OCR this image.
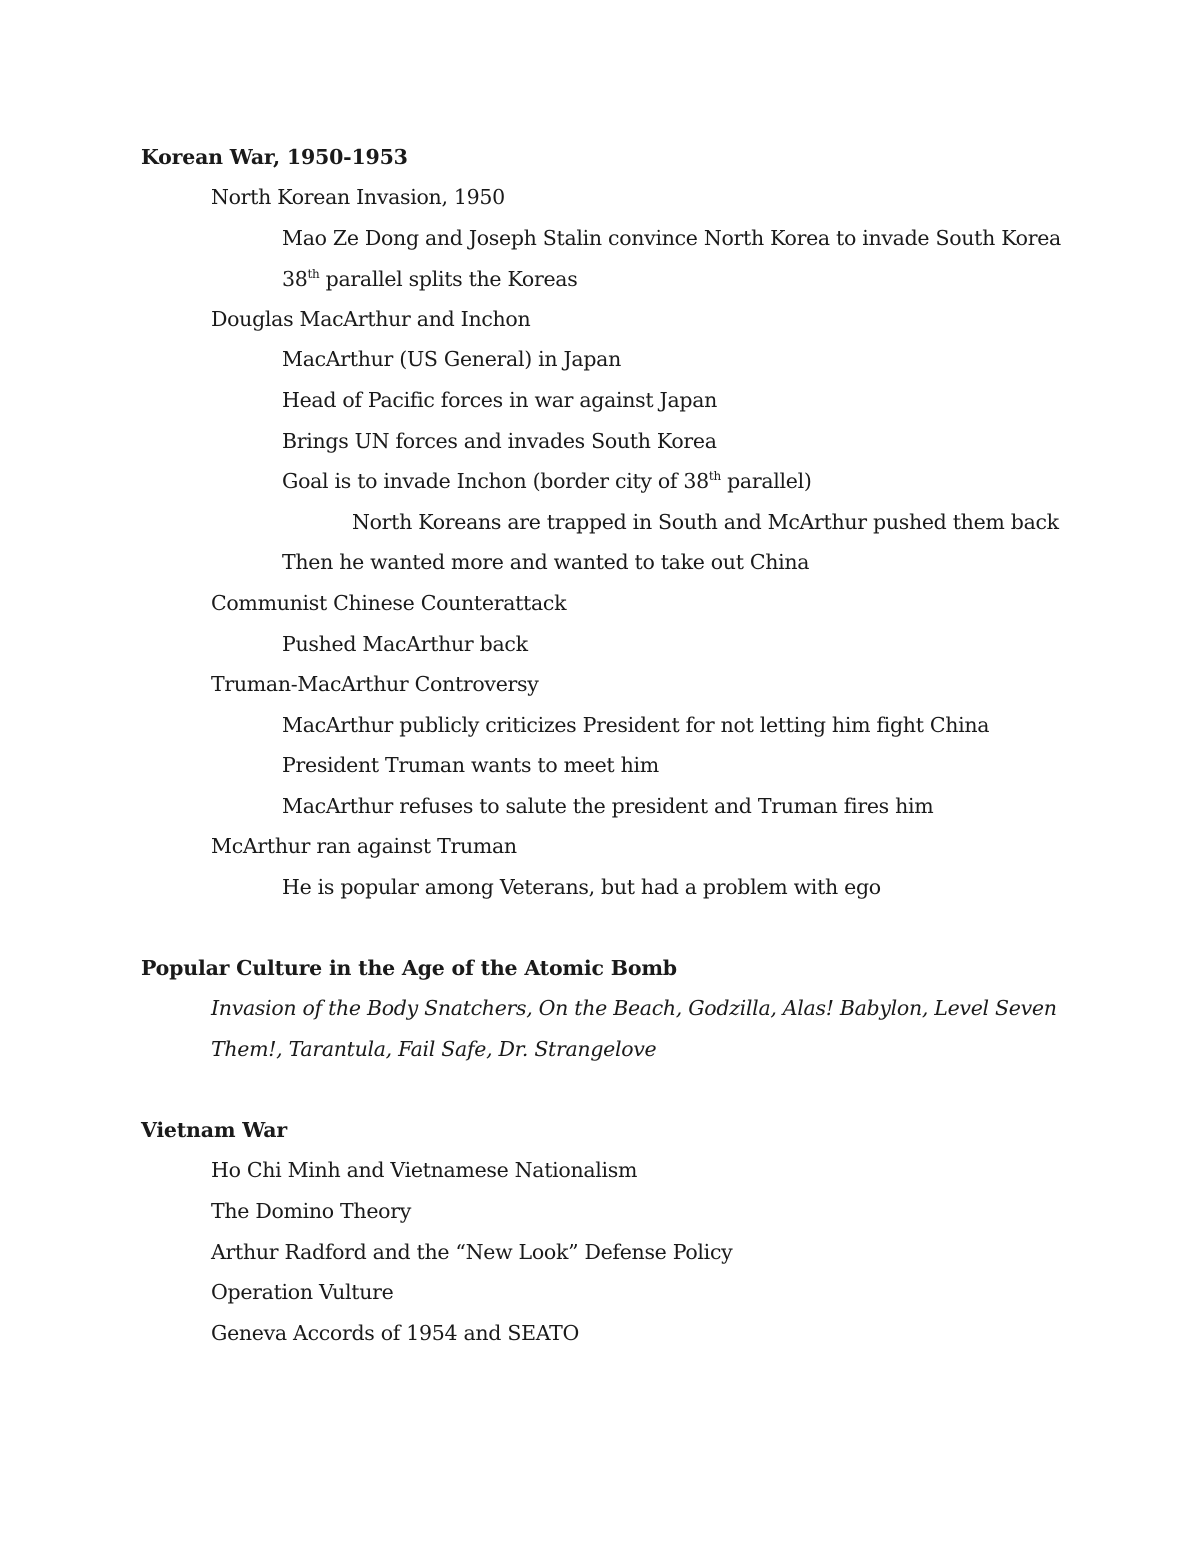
Korean War, 1950-1953
North Korean Invasion, 1950
Mao Ze Dong and Joseph Stalin convince North Korea to invade South Korea
38th parallel splits the Koreas
Douglas MacArthur and Inchon
MacArthur (US General) in Japan
Head of Pacific forces in war against Japan
Brings UN forces and invades South Korea
Goal is to invade Inchon (border city of 38th parallel)
North Koreans are trapped in South and McArthur pushed them back
Then he wanted more and wanted to take out China
Communist Chinese Counterattack
Pushed MacArthur back
Truman-MacArthur Controversy
MacArthur publicly criticizes President for not letting him fight China
President Truman wants to meet him
MacArthur refuses to salute the president and Truman fires him
McArthur ran against Truman
He is popular among Veterans, but had a problem with ego
Popular Culture in the Age of the Atomic Bomb
Invasion of the Body Snatchers, On the Beach, Godzilla, Alas! Babylon, Level Seven
Them!, Tarantula, Fail Safe, Dr. Strangelove
Vietnam War
Ho Chi Minh and Vietnamese Nationalism
The Domino Theory
Arthur Radford and the “New Look” Defense Policy
Operation Vulture
Geneva Accords of 1954 and SEATO
